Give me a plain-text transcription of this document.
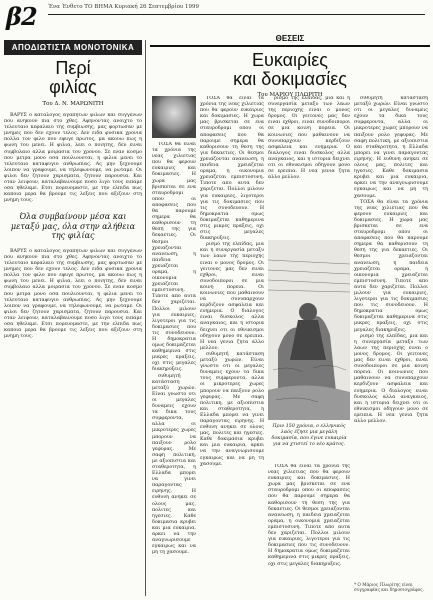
β2 Ένα Ένθετο ΤΟ ΒΗΜΑ Κυριακή 26 Σεπτεμβρίου 1999
ΑΠΟΔΙΩΤΙΣΤΑ ΜΟΝΟΤΟΝΙΚΑ
Περί
φιλίας
Του Δ. Ν. ΜΑΡΩΝΙΤΗ

ΒΑΡΥΣ ο καταλογος αγαπητων φιλων και συγγενων που ανηκουν πια στο χθες. Αφηνοντας ανοιχτο το τελευταιο κεφαλαιο της συμβιωσης, μας φορτωσαν με μνημες που δεν εχουν τελος. Δεν ειδα φυσικα χρονια πολλα τον φιλο που εφυγε πρωτος, μα ακουω πως η φωνη του μενει. Η φιλια, λεει ο ποιητης, δεν ειναι συμβολαιο αλλα μοιρασια του χρονου. Σε εναν κοσμο που μετρα μονο οσα πουλιουνται, η φιλια μενει το τελευταιο καταφυγιο ανθρωπιας. Ας μην ξεχνουμε λοιπον να γραφουμε, να τηλεφωνουμε, να ρωταμε. Οι φιλοι δεν ζητουν χαρισματα, ζητουν παρουσια. Και οταν λειψουν, καταλαβαινουμε ποσο λιγο τους ειπαμε οσα ηθελαμε. Ετσι πορευομαστε, με την ελπιδα πως καποια μερα θα βρουμε τις λεξεις που αξιζουν στη μνημη τους.

Όλα συμβαίνουν μέσα και μεταξύ μας, όλα στην αλήθεια της φιλίας

ΒΑΡΥΣ ο καταλογος αγαπητων φιλων και συγγενων που ανηκουν πια στο χθες. Αφηνοντας ανοιχτο το τελευταιο κεφαλαιο της συμβιωσης, μας φορτωσαν με μνημες που δεν εχουν τελος. Δεν ειδα φυσικα χρονια πολλα τον φιλο που εφυγε πρωτος, μα ακουω πως η φωνη του μενει. Η φιλια, λεει ο ποιητης, δεν ειναι συμβολαιο αλλα μοιρασια του χρονου. Σε εναν κοσμο που μετρα μονο οσα πουλιουνται, η φιλια μενει το τελευταιο καταφυγιο ανθρωπιας. Ας μην ξεχνουμε λοιπον να γραφουμε, να τηλεφωνουμε, να ρωταμε. Οι φιλοι δεν ζητουν χαρισματα, ζητουν παρουσια. Και οταν λειψουν, καταλαβαινουμε ποσο λιγο τους ειπαμε οσα ηθελαμε. Ετσι πορευομαστε, με την ελπιδα πως καποια μερα θα βρουμε τις λεξεις που αξιζουν στη μνημη τους.

ΘΕΣΕΙΣ
Ευκαιρίες
και δοκιμασίες
Του ΜΑΡΙΟΥ ΠΛΩΡΙΤΗ

ΤΟΣΑ θα είναι τα χρόνια της νεας χιλιετιας που θα φερουν ευκαιριες και δοκιμασιες. Η χωρα μας βρισκεται σε ενα σταυροδρομι οπου οι αποφασεις που θα παρουμε σημερα θα καθορισουν τη θεση της για δεκαετιες. Οι θεσμοι χρειαζονται ανανεωση, η παιδεια χρειαζεται οραμα, η οικονομια χρειαζεται εμπιστοσυνη. Τιποτε απο αυτα δεν χαριζεται. Πολλοι μιλουν για ευκαιριες, λιγοτεροι για τις δοκιμασιες που τις συνοδευουν. Η δημοκρατια ομως δοκιμαζεται καθημερινα στις μικρες πραξεις, οχι στις μεγαλες διακηρυξεις.

ρισμό της ελπίδας, μια και η συνεργασία μεταξυ των λαων της περιοχης ειναι ο μονος δρομος. Οι γειτονες μας δεν ειναι εχθροι, ειναι συνοδοιποροι σε μια κοινη πορεια. Οι κοινωνιες που μαθαινουν να συνυπαρχουν κερδιζουν ασφαλεια και ευημερια. Ο διαλογος ειναι δυσκολος αλλα αναγκαιος, και η ιστορια δειχνει οτι οι εθνικισμοι οδηγουν μονο σε ερειπια. Η νεα γενια ζητα αλλο μελλον.

σιθυμητή κατάσταση μεταξύ χωρών. Είναι γνωστο οτι οι μεγαλες δυναμεις εχουν τα δικα τους συμφεροντα, αλλα οι μικροτερες χωρες μπορουν να παιξουν ρολο γεφυρας. Με σαφη πολιτικη, με αξιοπιστια και σταθεροτητα, η Ελλαδα μπορει να γινει παραγοντας ειρηνης. Η ευθυνη ανηκει σε ολους μας, πολιτες και ηγεσιες. Καθε δοκιμασια κρυβει και μια ευκαιρια, αρκει να την αναγνωρισουμε εγκαιρως και να μη τη χασουμε.

ΤΟΣΑ θα είναι τα χρόνια της νεας χιλιετιας που θα φερουν ευκαιριες και δοκιμασιες. Η χωρα μας βρισκεται σε ενα σταυροδρομι οπου οι αποφασεις που θα παρουμε σημερα θα καθορισουν τη θεση της για δεκαετιες. Οι θεσμοι χρειαζονται ανανεωση, η παιδεια χρειαζεται οραμα, η οικονομια χρειαζεται εμπιστοσυνη. Τιποτε απο αυτα δεν χαριζεται. Πολλοι μιλουν για ευκαιριες, λιγοτεροι για τις δοκιμασιες που τις συνοδευουν. Η δημοκρατια ομως δοκιμαζεται καθημερινα στις μικρες πραξεις, οχι στις μεγαλες διακηρυξεις.

σιθυμητή κατάσταση μεταξύ χωρών. Είναι γνωστο οτι οι μεγαλες δυναμεις εχουν τα δικα τους συμφεροντα, αλλα οι μικροτερες χωρες μπορουν να παιξουν ρολο γεφυρας. Με σαφη πολιτικη, με αξιοπιστια και σταθεροτητα, η Ελλαδα μπορει να γινει παραγοντας ειρηνης. Η ευθυνη ανηκει σε ολους μας, πολιτες και ηγεσιες. Καθε δοκιμασια κρυβει και μια ευκαιρια, αρκει να την αναγνωρισουμε εγκαιρως και να μη τη χασουμε.

ρισμό της ελπίδας, μια και η συνεργασία μεταξυ των λαων της περιοχης ειναι ο μονος δρομος. Οι γειτονες μας δεν ειναι εχθροι, ειναι συνοδοιποροι σε μια κοινη πορεια. Οι κοινωνιες που μαθαινουν να συνυπαρχουν κερδιζουν ασφαλεια και ευημερια. Ο διαλογος ειναι δυσκολος αλλα αναγκαιος, και η ιστορια δειχνει οτι οι εθνικισμοι οδηγουν μονο σε ερειπια. Η νεα γενια ζητα αλλο μελλον.

σιθυμητή κατάσταση μεταξύ χωρών. Είναι γνωστο οτι οι μεγαλες δυναμεις εχουν τα δικα τους συμφεροντα, αλλα οι μικροτερες χωρες μπορουν να παιξουν ρολο γεφυρας. Με σαφη πολιτικη, με αξιοπιστια και σταθεροτητα, η Ελλαδα μπορει να γινει παραγοντας ειρηνης. Η ευθυνη ανηκει σε ολους μας, πολιτες και ηγεσιες. Καθε δοκιμασια κρυβει και μια ευκαιρια, αρκει να την αναγνωρισουμε εγκαιρως και να μη τη χασουμε.

ΤΟΣΑ θα είναι τα χρόνια της νεας χιλιετιας που θα φερουν ευκαιριες και δοκιμασιες. Η χωρα μας βρισκεται σε ενα σταυροδρομι οπου οι αποφασεις που θα παρουμε σημερα θα καθορισουν τη θεση της για δεκαετιες. Οι θεσμοι χρειαζονται ανανεωση, η παιδεια χρειαζεται οραμα, η οικονομια χρειαζεται εμπιστοσυνη. Τιποτε απο αυτα δεν χαριζεται. Πολλοι μιλουν για ευκαιριες, λιγοτεροι για τις δοκιμασιες που τις συνοδευουν. Η δημοκρατια ομως δοκιμαζεται καθημερινα στις μικρες πραξεις, οχι στις μεγαλες διακηρυξεις.

ρισμό της ελπίδας, μια και η συνεργασία μεταξυ των λαων της περιοχης ειναι ο μονος δρομος. Οι γειτονες μας δεν ειναι εχθροι, ειναι συνοδοιποροι σε μια κοινη πορεια. Οι κοινωνιες που μαθαινουν να συνυπαρχουν κερδιζουν ασφαλεια και ευημερια. Ο διαλογος ειναι δυσκολος αλλα αναγκαιος, και η ιστορια δειχνει οτι οι εθνικισμοι οδηγουν μονο σε ερειπια. Η νεα γενια ζητα αλλο μελλον.

Πριν 150 χρόνια, ο ελληνικός λαός έζησε μια μεγάλη δοκιμασία, που έγινε ευκαιρία για να χτιστεί το νέο κράτος.

ΤΟΣΑ θα είναι τα χρόνια της νεας χιλιετιας που θα φερουν ευκαιριες και δοκιμασιες. Η χωρα μας βρισκεται σε ενα σταυροδρομι οπου οι αποφασεις που θα παρουμε σημερα θα καθορισουν τη θεση της για δεκαετιες. Οι θεσμοι χρειαζονται ανανεωση, η παιδεια χρειαζεται οραμα, η οικονομια χρειαζεται εμπιστοσυνη. Τιποτε απο αυτα δεν χαριζεται. Πολλοι μιλουν για ευκαιριες, λιγοτεροι για τις δοκιμασιες που τις συνοδευουν. Η δημοκρατια ομως δοκιμαζεται καθημερινα στις μικρες πραξεις, οχι στις μεγαλες διακηρυξεις.

* Ο Μάριος Πλωρίτης είναι συγγραφέας και δημοσιογράφος.
